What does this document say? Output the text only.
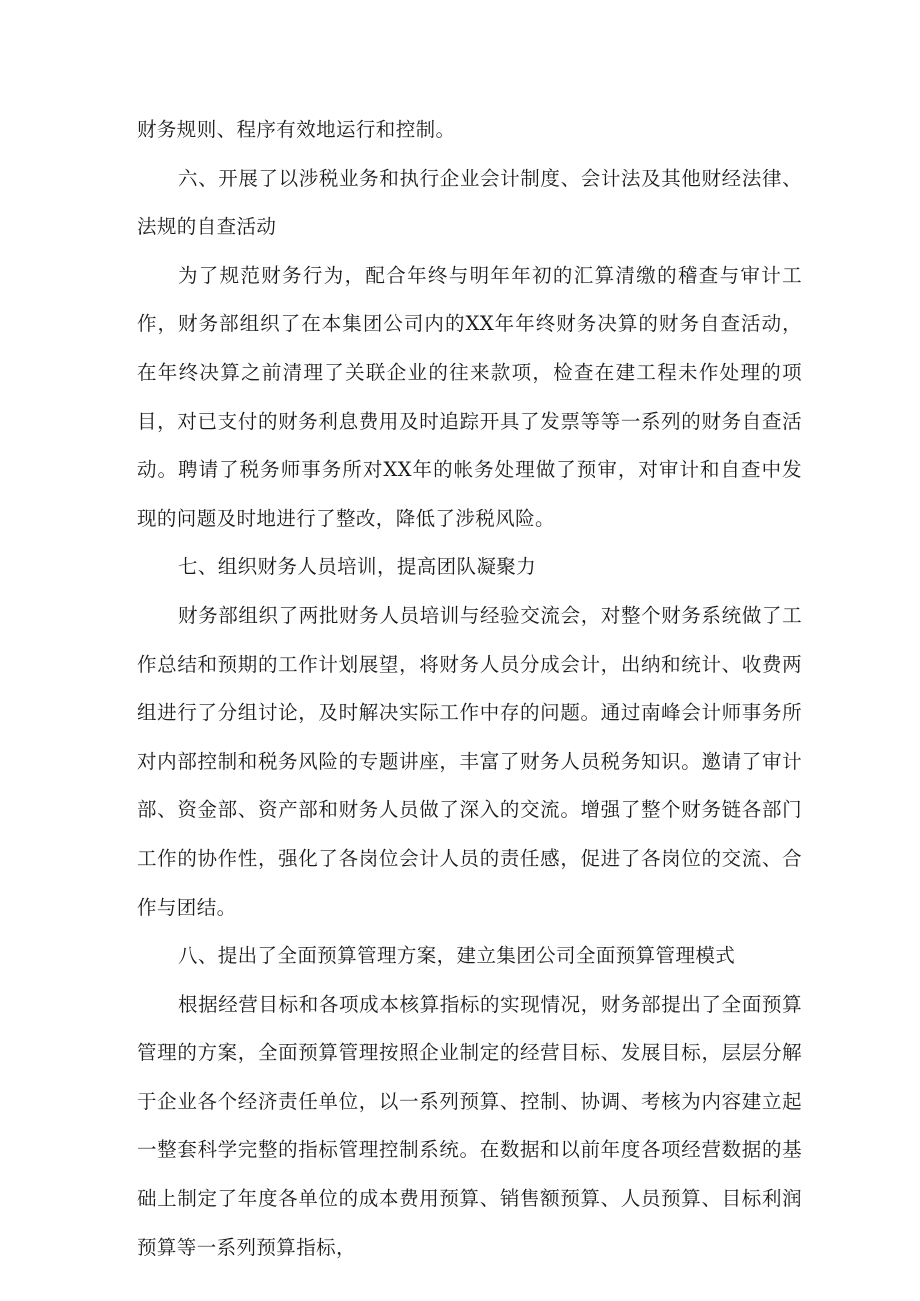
财务规则、程序有效地运行和控制。

六、开展了以涉税业务和执行企业会计制度、会计法及其他财经法律、法规的自查活动

为了规范财务行为，配合年终与明年年初的汇算清缴的稽查与审计工作，财务部组织了在本集团公司内的XX年年终财务决算的财务自查活动，在年终决算之前清理了关联企业的往来款项，检查在建工程未作处理的项目，对已支付的财务利息费用及时追踪开具了发票等等一系列的财务自查活动。聘请了税务师事务所对XX年的帐务处理做了预审，对审计和自查中发现的问题及时地进行了整改，降低了涉税风险。

七、组织财务人员培训，提高团队凝聚力

财务部组织了两批财务人员培训与经验交流会，对整个财务系统做了工作总结和预期的工作计划展望，将财务人员分成会计，出纳和统计、收费两组进行了分组讨论，及时解决实际工作中存的问题。通过南峰会计师事务所对内部控制和税务风险的专题讲座，丰富了财务人员税务知识。邀请了审计部、资金部、资产部和财务人员做了深入的交流。增强了整个财务链各部门工作的协作性，强化了各岗位会计人员的责任感，促进了各岗位的交流、合作与团结。

八、提出了全面预算管理方案，建立集团公司全面预算管理模式

根据经营目标和各项成本核算指标的实现情况，财务部提出了全面预算管理的方案，全面预算管理按照企业制定的经营目标、发展目标，层层分解于企业各个经济责任单位，以一系列预算、控制、协调、考核为内容建立起一整套科学完整的指标管理控制系统。在数据和以前年度各项经营数据的基础上制定了年度各单位的成本费用预算、销售额预算、人员预算、目标利润预算等一系列预算指标，
